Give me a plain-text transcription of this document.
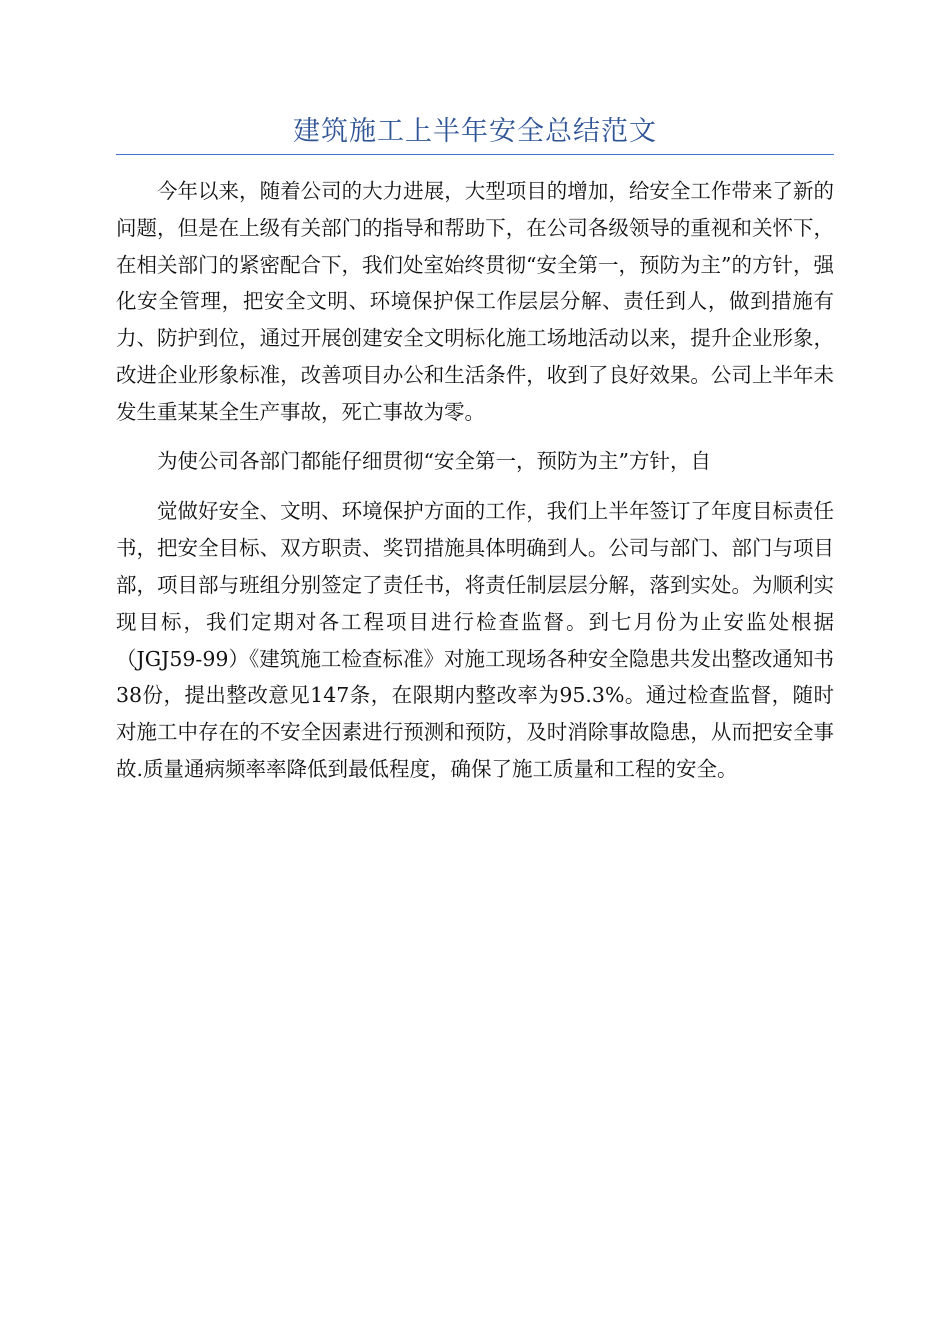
建筑施工上半年安全总结范文

今年以来，随着公司的大力进展，大型项目的增加，给安全工作带来了新的问题，但是在上级有关部门的指导和帮助下，在公司各级领导的重视和关怀下，在相关部门的紧密配合下，我们处室始终贯彻“安全第一，预防为主”的方针，强化安全管理，把安全文明、环境保护保工作层层分解、责任到人，做到措施有力、防护到位，通过开展创建安全文明标化施工场地活动以来，提升企业形象，改进企业形象标准，改善项目办公和生活条件，收到了良好效果。公司上半年未发生重某某全生产事故，死亡事故为零。

为使公司各部门都能仔细贯彻“安全第一，预防为主”方针，自

觉做好安全、文明、环境保护方面的工作，我们上半年签订了年度目标责任书，把安全目标、双方职责、奖罚措施具体明确到人。公司与部门、部门与项目部，项目部与班组分别签定了责任书，将责任制层层分解，落到实处。为顺利实现目标，我们定期对各工程项目进行检查监督。到七月份为止安监处根据（JGJ59-99）《建筑施工检查标准》对施工现场各种安全隐患共发出整改通知书38份，提出整改意见147条，在限期内整改率为95.3%。通过检查监督，随时对施工中存在的不安全因素进行预测和预防，及时消除事故隐患，从而把安全事故.质量通病频率率降低到最低程度，确保了施工质量和工程的安全。
